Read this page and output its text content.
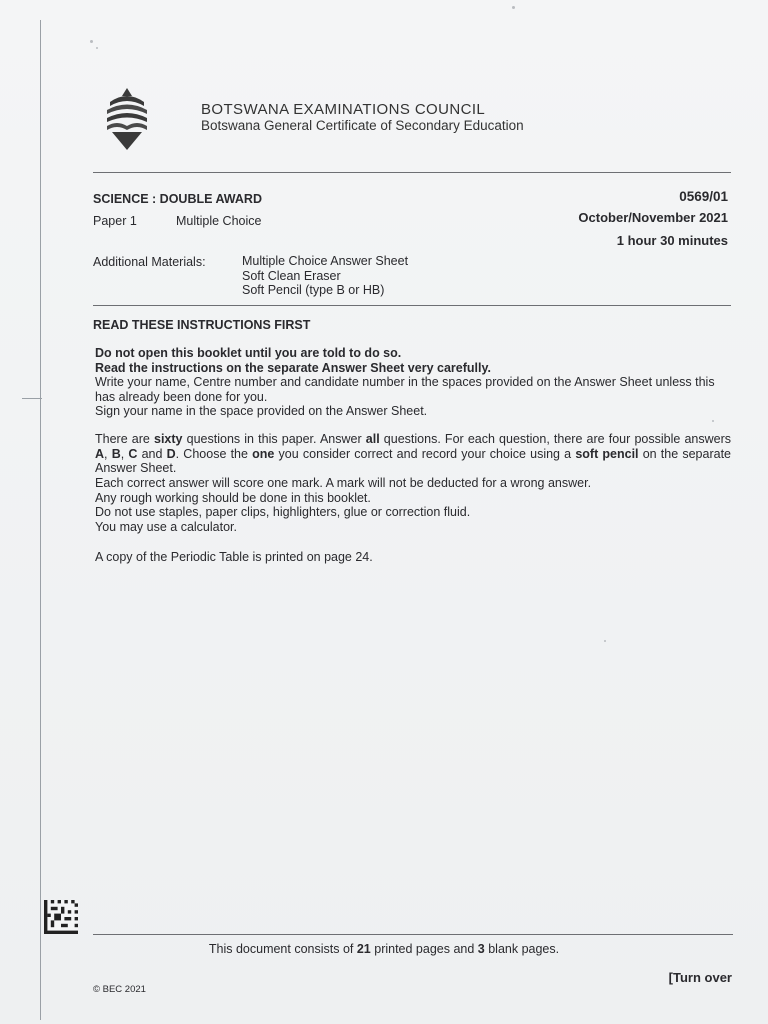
BOTSWANA EXAMINATIONS COUNCIL
Botswana General Certificate of Secondary Education
SCIENCE : DOUBLE AWARD	0569/01
Paper 1	Multiple Choice	October/November 2021
1 hour 30 minutes
Additional Materials:	Multiple Choice Answer Sheet
Soft Clean Eraser
Soft Pencil (type B or HB)
READ THESE INSTRUCTIONS FIRST

Do not open this booklet until you are told to do so.

Read the instructions on the separate Answer Sheet very carefully.

Write your name, Centre number and candidate number in the spaces provided on the Answer Sheet unless this has already been done for you.

Sign your name in the space provided on the Answer Sheet.

There are sixty questions in this paper. Answer all questions. For each question, there are four possible answers A, B, C and D. Choose the one you consider correct and record your choice using a soft pencil on the separate Answer Sheet.

Each correct answer will score one mark. A mark will not be deducted for a wrong answer.

Any rough working should be done in this booklet.

Do not use staples, paper clips, highlighters, glue or correction fluid.

You may use a calculator.

A copy of the Periodic Table is printed on page 24.

This document consists of 21 printed pages and 3 blank pages.
[Turn over
© BEC 2021
